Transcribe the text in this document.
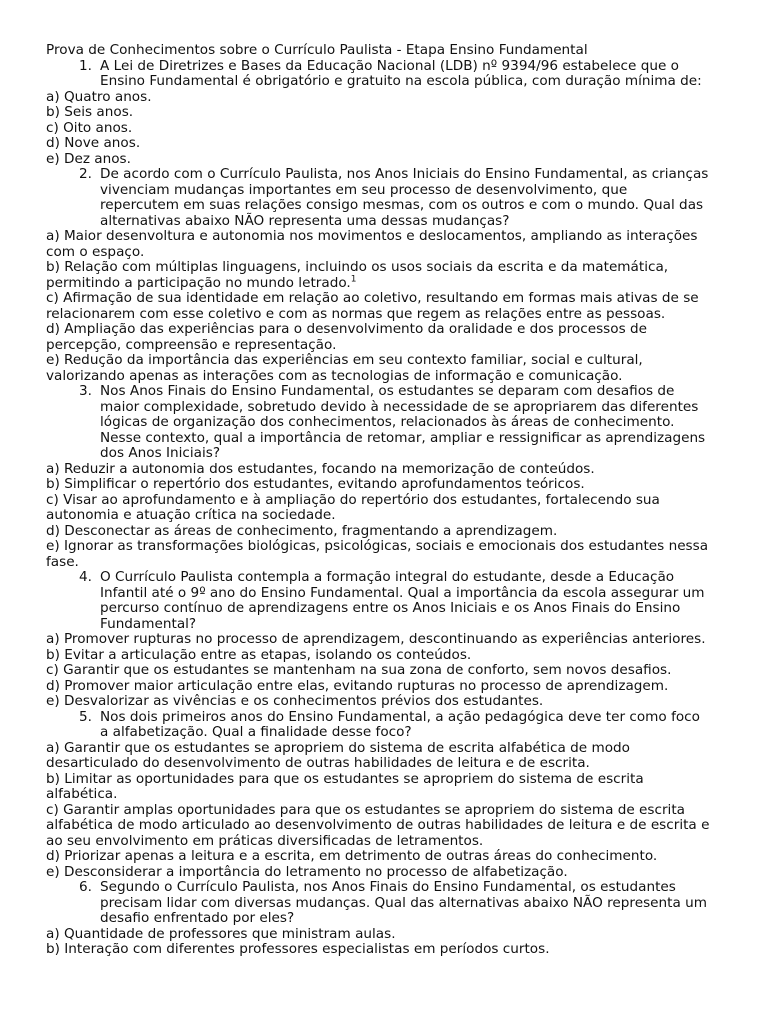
Prova de Conhecimentos sobre o Currículo Paulista - Etapa Ensino Fundamental
1. A Lei de Diretrizes e Bases da Educação Nacional (LDB) nº 9394/96 estabelece que o Ensino Fundamental é obrigatório e gratuito na escola pública, com duração mínima de:
a) Quatro anos.
b) Seis anos.
c) Oito anos.
d) Nove anos.
e) Dez anos.
2. De acordo com o Currículo Paulista, nos Anos Iniciais do Ensino Fundamental, as crianças vivenciam mudanças importantes em seu processo de desenvolvimento, que repercutem em suas relações consigo mesmas, com os outros e com o mundo. Qual das alternativas abaixo NÃO representa uma dessas mudanças?
a) Maior desenvoltura e autonomia nos movimentos e deslocamentos, ampliando as interações com o espaço.
b) Relação com múltiplas linguagens, incluindo os usos sociais da escrita e da matemática, permitindo a participação no mundo letrado.$^1$
c) Afirmação de sua identidade em relação ao coletivo, resultando em formas mais ativas de se relacionarem com esse coletivo e com as normas que regem as relações entre as pessoas.
d) Ampliação das experiências para o desenvolvimento da oralidade e dos processos de percepção, compreensão e representação.
e) Redução da importância das experiências em seu contexto familiar, social e cultural, valorizando apenas as interações com as tecnologias de informação e comunicação.
3. Nos Anos Finais do Ensino Fundamental, os estudantes se deparam com desafios de maior complexidade, sobretudo devido à necessidade de se apropriarem das diferentes lógicas de organização dos conhecimentos, relacionados às áreas de conhecimento. Nesse contexto, qual a importância de retomar, ampliar e ressignificar as aprendizagens dos Anos Iniciais?
a) Reduzir a autonomia dos estudantes, focando na memorização de conteúdos.
b) Simplificar o repertório dos estudantes, evitando aprofundamentos teóricos.
c) Visar ao aprofundamento e à ampliação do repertório dos estudantes, fortalecendo sua autonomia e atuação crítica na sociedade.
d) Desconectar as áreas de conhecimento, fragmentando a aprendizagem.
e) Ignorar as transformações biológicas, psicológicas, sociais e emocionais dos estudantes nessa fase.
4. O Currículo Paulista contempla a formação integral do estudante, desde a Educação Infantil até o 9º ano do Ensino Fundamental. Qual a importância da escola assegurar um percurso contínuo de aprendizagens entre os Anos Iniciais e os Anos Finais do Ensino Fundamental?
a) Promover rupturas no processo de aprendizagem, descontinuando as experiências anteriores.
b) Evitar a articulação entre as etapas, isolando os conteúdos.
c) Garantir que os estudantes se mantenham na sua zona de conforto, sem novos desafios.
d) Promover maior articulação entre elas, evitando rupturas no processo de aprendizagem.
e) Desvalorizar as vivências e os conhecimentos prévios dos estudantes.
5. Nos dois primeiros anos do Ensino Fundamental, a ação pedagógica deve ter como foco a alfabetização. Qual a finalidade desse foco?
a) Garantir que os estudantes se apropriem do sistema de escrita alfabética de modo desarticulado do desenvolvimento de outras habilidades de leitura e de escrita.
b) Limitar as oportunidades para que os estudantes se apropriem do sistema de escrita alfabética.
c) Garantir amplas oportunidades para que os estudantes se apropriem do sistema de escrita alfabética de modo articulado ao desenvolvimento de outras habilidades de leitura e de escrita e ao seu envolvimento em práticas diversificadas de letramentos.
d) Priorizar apenas a leitura e a escrita, em detrimento de outras áreas do conhecimento.
e) Desconsiderar a importância do letramento no processo de alfabetização.
6. Segundo o Currículo Paulista, nos Anos Finais do Ensino Fundamental, os estudantes precisam lidar com diversas mudanças. Qual das alternativas abaixo NÃO representa um desafio enfrentado por eles?
a) Quantidade de professores que ministram aulas.
b) Interação com diferentes professores especialistas em períodos curtos.
